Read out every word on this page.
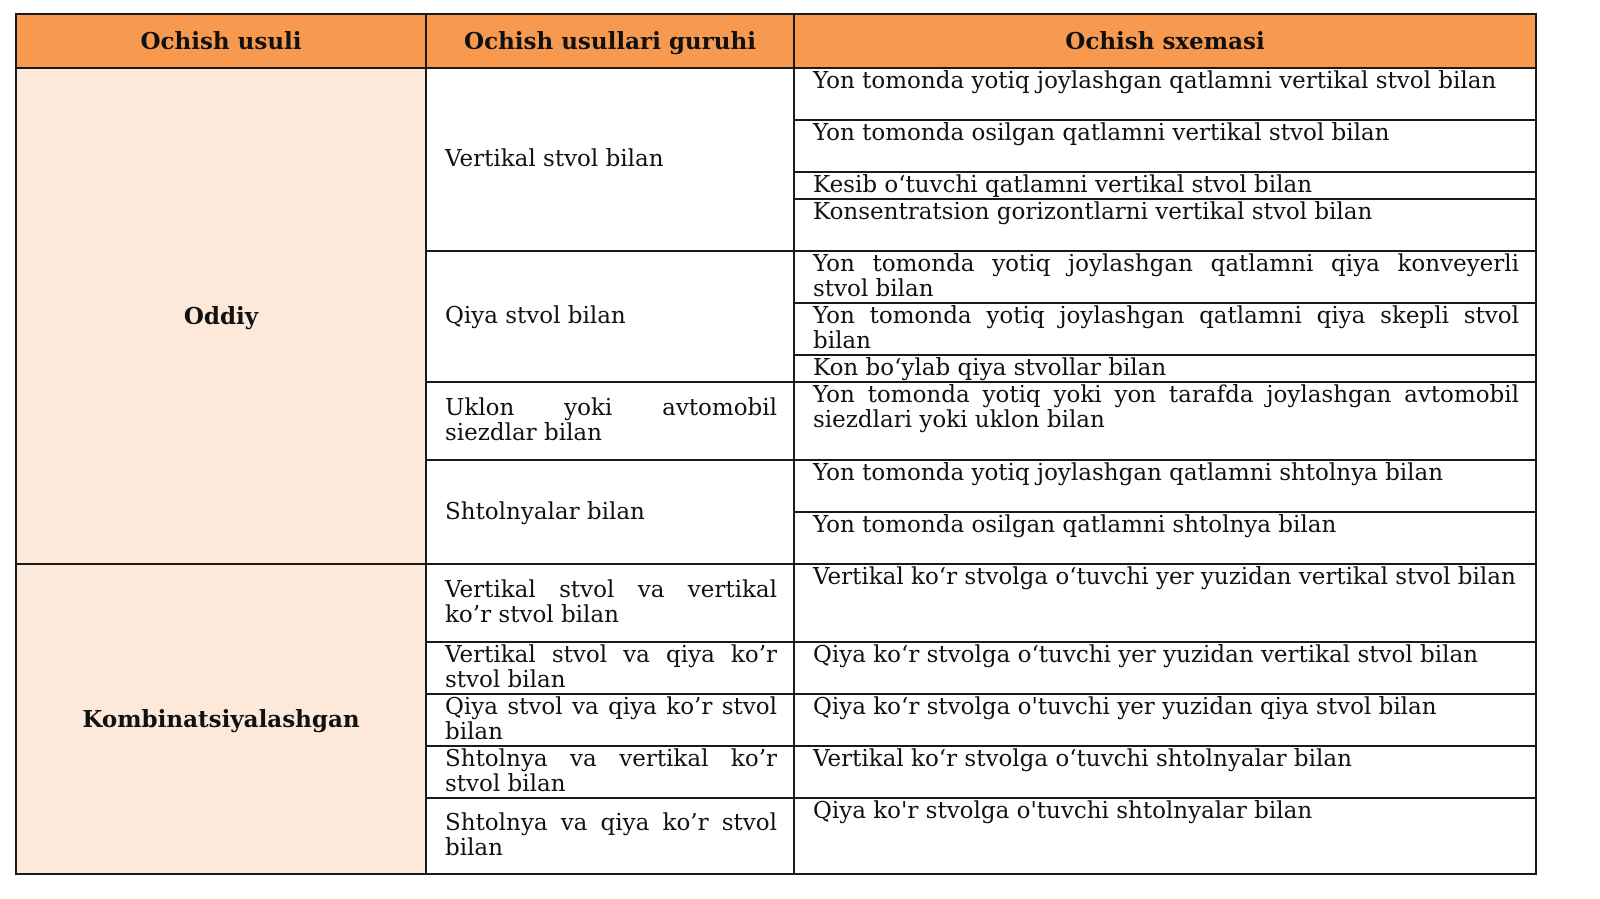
Ochish usuli	Ochish usullari guruhi	Ochish sxemasi
Oddiy	Vertikal stvol bilan	Yon tomonda yotiq joylashgan qatlamni vertikal stvol bilan
		Yon tomonda osilgan qatlamni vertikal stvol bilan
		Kesib o‘tuvchi qatlamni vertikal stvol bilan
		Konsentratsion gorizontlarni vertikal stvol bilan
	Qiya stvol bilan	Yon tomonda yotiq joylashgan qatlamni qiya konveyerli stvol bilan
		Yon tomonda yotiq joylashgan qatlamni qiya skepli stvol bilan
		Kon bo‘ylab qiya stvollar bilan
	Uklon yoki avtomobil siezdlar bilan	Yon tomonda yotiq yoki yon tarafda joylashgan avtomobil siezdlari yoki uklon bilan
	Shtolnyalar bilan	Yon tomonda yotiq joylashgan qatlamni shtolnya bilan
		Yon tomonda osilgan qatlamni shtolnya bilan
Kombinatsiyalashgan	Vertikal stvol va vertikal ko’r stvol bilan	Vertikal ko‘r stvolga o‘tuvchi yer yuzidan vertikal stvol bilan
	Vertikal stvol va qiya ko’r stvol bilan	Qiya ko‘r stvolga o‘tuvchi yer yuzidan vertikal stvol bilan
	Qiya stvol va qiya ko’r stvol bilan	Qiya ko‘r stvolga o'tuvchi yer yuzidan qiya stvol bilan
	Shtolnya va vertikal ko’r stvol bilan	Vertikal ko‘r stvolga o‘tuvchi shtolnyalar bilan
	Shtolnya va qiya ko’r stvol bilan	Qiya ko'r stvolga o'tuvchi shtolnyalar bilan
